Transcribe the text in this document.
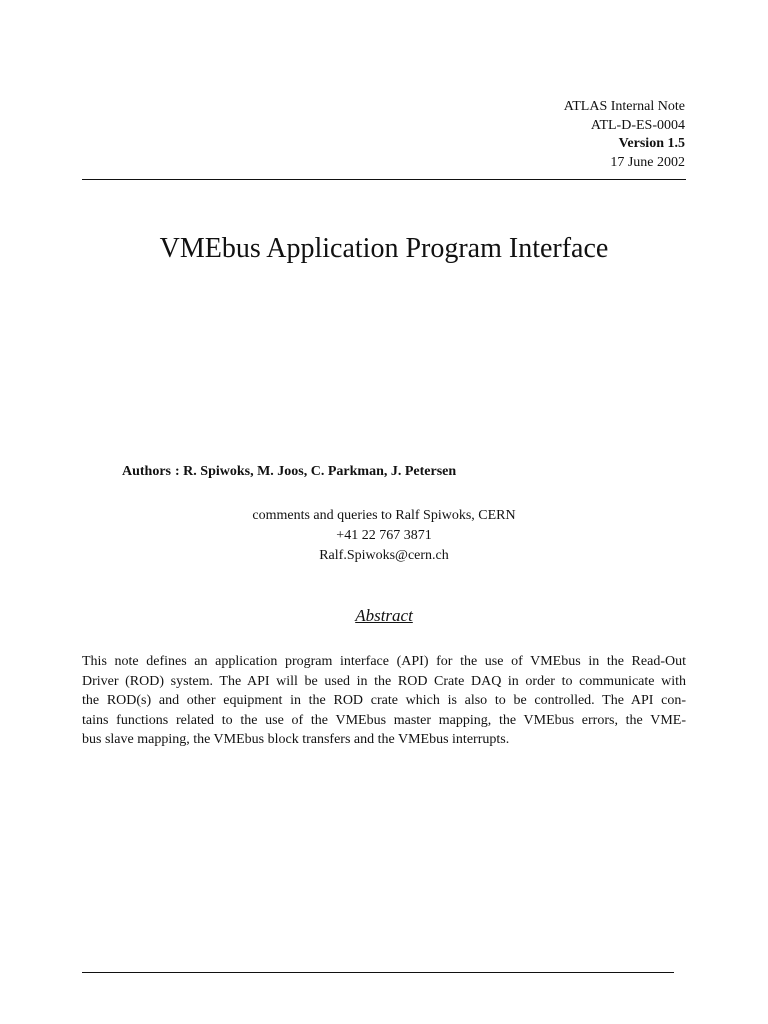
ATLAS Internal Note
ATL-D-ES-0004
Version 1.5
17 June 2002
VMEbus Application Program Interface
Authors : R. Spiwoks, M. Joos, C. Parkman, J. Petersen
comments and queries to Ralf Spiwoks, CERN
+41 22 767 3871
Ralf.Spiwoks@cern.ch
Abstract
This note defines an application program interface (API) for the use of VMEbus in the Read-Out
Driver (ROD) system. The API will be used in the ROD Crate DAQ in order to communicate with
the ROD(s) and other equipment in the ROD crate which is also to be controlled. The API con-
tains functions related to the use of the VMEbus master mapping, the VMEbus errors, the VME-
bus slave mapping, the VMEbus block transfers and the VMEbus interrupts.
